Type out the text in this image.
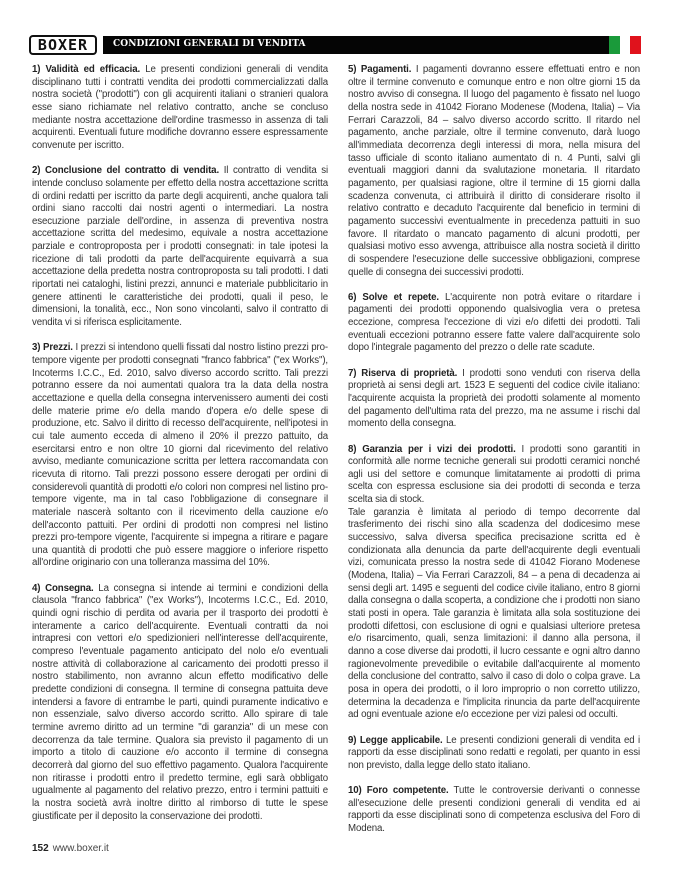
BOXER	CONDIZIONI GENERALI DI VENDITA

1) Validità ed efficacia. Le presenti condizioni generali di vendita disciplinano tutti i contratti vendita dei prodotti commercializzati dalla nostra società ("prodotti") con gli acquirenti italiani o stranieri qualora esse siano richiamate nel relativo contratto, anche se concluso mediante nostra accettazione dell'ordine trasmesso in assenza di tali acquirenti. Eventuali future modifiche dovranno essere espressamente convenute per iscritto.

2) Conclusione del contratto di vendita. Il contratto di vendita si intende concluso solamente per effetto della nostra accettazione scritta di ordini redatti per iscritto da parte degli acquirenti, anche qualora tali ordini siano raccolti dai nostri agenti o intermediari. La nostra esecuzione parziale dell'ordine, in assenza di preventiva nostra accettazione scritta del medesimo, equivale a nostra accettazione parziale e controproposta per i prodotti consegnati: in tale ipotesi la ricezione di tali prodotti da parte dell'acquirente equivarrà a sua accettazione della predetta nostra controproposta su tali prodotti. I dati riportati nei cataloghi, listini prezzi, annunci e materiale pubblicitario in genere attinenti le caratteristiche dei prodotti, quali il peso, le dimensioni, la tonalità, ecc., Non sono vincolanti, salvo il contratto di vendita vi si riferisca esplicitamente.

3) Prezzi. I prezzi si intendono quelli fissati dal nostro listino prezzi pro-tempore vigente per prodotti consegnati "franco fabbrica" ("ex Works"), Incoterms I.C.C., Ed. 2010, salvo diverso accordo scritto. Tali prezzi potranno essere da noi aumentati qualora tra la data della nostra accettazione e quella della consegna intervenissero aumenti dei costi delle materie prime e/o della mando d'opera e/o delle spese di produzione, etc. Salvo il diritto di recesso dell'acquirente, nell'ipotesi in cui tale aumento ecceda di almeno il 20% il prezzo pattuito, da esercitarsi entro e non oltre 10 giorni dal ricevimento del relativo avviso, mediante comunicazione scritta per lettera raccomandata con ricevuta di ritorno. Tali prezzi possono essere derogati per ordini di considerevoli quantità di prodotti e/o colori non compresi nel listino pro-tempore vigente, ma in tal caso l'obbligazione di consegnare il materiale nascerà soltanto con il ricevimento della cauzione e/o dell'acconto pattuiti. Per ordini di prodotti non compresi nel listino prezzi pro-tempore vigente, l'acquirente si impegna a ritirare e pagare una quantità di prodotti che può essere maggiore o inferiore rispetto all'ordine originario con una tolleranza massima del 10%.

4) Consegna. La consegna si intende ai termini e condizioni della clausola "franco fabbrica" ("ex Works"), Incoterms I.C.C., Ed. 2010, quindi ogni rischio di perdita od avaria per il trasporto dei prodotti è interamente a carico dell'acquirente. Eventuali contratti da noi intrapresi con vettori e/o spedizionieri nell'interesse dell'acquirente, compreso l'eventuale pagamento anticipato del nolo e/o eventuali nostre attività di collaborazione al caricamento dei prodotti presso il nostro stabilimento, non avranno alcun effetto modificativo delle predette condizioni di consegna. Il termine di consegna pattuita deve intendersi a favore di entrambe le parti, quindi puramente indicativo e non essenziale, salvo diverso accordo scritto. Allo spirare di tale termine avremo diritto ad un termine "di garanzia" di un mese con decorrenza da tale termine. Qualora sia previsto il pagamento di un importo a titolo di cauzione e/o acconto il termine di consegna decorrerà dal giorno del suo effettivo pagamento. Qualora l'acquirente non ritirasse i prodotti entro il predetto termine, egli sarà obbligato ugualmente al pagamento del relativo prezzo, entro i termini pattuiti e la nostra società avrà inoltre diritto al rimborso di tutte le spese giustificate per il deposito la conservazione dei prodotti.

5) Pagamenti. I pagamenti dovranno essere effettuati entro e non oltre il termine convenuto e comunque entro e non oltre giorni 15 da nostro avviso di consegna. Il luogo del pagamento è fissato nel luogo della nostra sede in 41042 Fiorano Modenese (Modena, Italia) – Via Ferrari Carazzoli, 84 – salvo diverso accordo scritto. Il ritardo nel pagamento, anche parziale, oltre il termine convenuto, darà luogo all'immediata decorrenza degli interessi di mora, nella misura del tasso ufficiale di sconto italiano aumentato di n. 4 Punti, salvi gli eventuali maggiori danni da svalutazione monetaria. Il ritardato pagamento, per qualsiasi ragione, oltre il termine di 15 giorni dalla scadenza convenuta, ci attribuirà il diritto di considerare risolto il relativo contratto e decaduto l'acquirente dal beneficio in termini di pagamento successivi eventualmente in precedenza pattuiti in suo favore. Il ritardato o mancato pagamento di alcuni prodotti, per qualsiasi motivo esso avvenga, attribuisce alla nostra società il diritto di sospendere l'esecuzione delle successive obbligazioni, comprese quelle di consegna dei successivi prodotti.

6) Solve et repete. L'acquirente non potrà evitare o ritardare i pagamenti dei prodotti opponendo qualsivoglia vera o pretesa eccezione, compresa l'eccezione di vizi e/o difetti dei prodotti. Tali eventuali eccezioni potranno essere fatte valere dall'acquirente solo dopo l'integrale pagamento del prezzo o delle rate scadute.

7) Riserva di proprietà. I prodotti sono venduti con riserva della proprietà ai sensi degli art. 1523 E seguenti del codice civile italiano: l'acquirente acquista la proprietà dei prodotti solamente al momento del pagamento dell'ultima rata del prezzo, ma ne assume i rischi dal momento della consegna.

8) Garanzia per i vizi dei prodotti. I prodotti sono garantiti in conformità alle norme tecniche generali sui prodotti ceramici nonché agli usi del settore e comunque limitatamente ai prodotti di prima scelta con espressa esclusione sia dei prodotti di seconda e terza scelta sia di stock.

Tale garanzia è limitata al periodo di tempo decorrente dal trasferimento dei rischi sino alla scadenza del dodicesimo mese successivo, salva diversa specifica precisazione scritta ed è condizionata alla denuncia da parte dell'acquirente degli eventuali vizi, comunicata presso la nostra sede di 41042 Fiorano Modenese (Modena, Italia) – Via Ferrari Carazzoli, 84 – a pena di decadenza ai sensi degli art. 1495 e seguenti del codice civile italiano, entro 8 giorni dalla consegna o dalla scoperta, a condizione che i prodotti non siano stati posti in opera. Tale garanzia è limitata alla sola sostituzione dei prodotti difettosi, con esclusione di ogni e qualsiasi ulteriore pretesa e/o risarcimento, quali, senza limitazioni: il danno alla persona, il danno a cose diverse dai prodotti, il lucro cessante e ogni altro danno ragionevolmente prevedibile o evitabile dall'acquirente al momento della conclusione del contratto, salvo il caso di dolo o colpa grave. La posa in opera dei prodotti, o il loro improprio o non corretto utilizzo, determina la decadenza e l'implicita rinuncia da parte dell'acquirente ad ogni eventuale azione e/o eccezione per vizi palesi od occulti.

9) Legge applicabile. Le presenti condizioni generali di vendita ed i rapporti da esse disciplinati sono redatti e regolati, per quanto in essi non previsto, dalla legge dello stato italiano.

10) Foro competente. Tutte le controversie derivanti o connesse all'esecuzione delle presenti condizioni generali di vendita ed ai rapporti da esse disciplinati sono di competenza esclusiva del Foro di Modena.

152 www.boxer.it
